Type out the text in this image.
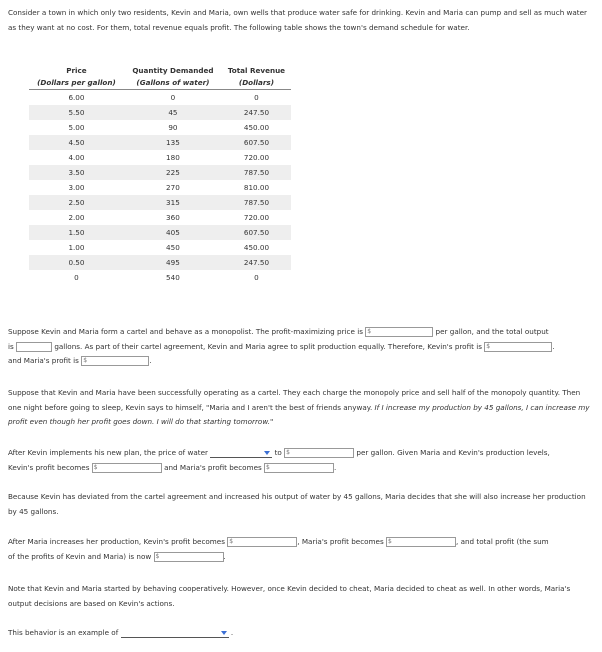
Consider a town in which only two residents, Kevin and Maria, own wells that produce water safe for drinking. Kevin and Maria can pump and sell as much water as they want at no cost. For them, total revenue equals profit. The following table shows the town's demand schedule for water.
Price	Quantity Demanded	Total Revenue
(Dollars per gallon)	(Gallons of water)	(Dollars)
6.00	0	0
5.50	45	247.50
5.00	90	450.00
4.50	135	607.50
4.00	180	720.00
3.50	225	787.50
3.00	270	810.00
2.50	315	787.50
2.00	360	720.00
1.50	405	607.50
1.00	450	450.00
0.50	495	247.50
0	540	0
Suppose Kevin and Maria form a cartel and behave as a monopolist. The profit-maximizing price is $	per gallon, and the total output
is	gallons. As part of their cartel agreement, Kevin and Maria agree to split production equally. Therefore, Kevin's profit is $	.
and Maria's profit is $	.
Suppose that Kevin and Maria have been successfully operating as a cartel. They each charge the monopoly price and sell half of the monopoly quantity. Then one night before going to sleep, Kevin says to himself, "Maria and I aren't the best of friends anyway. If I increase my production by 45 gallons, I can increase my profit even though her profit goes down. I will do that starting tomorrow."
After Kevin implements his new plan, the price of water	to $	per gallon. Given Maria and Kevin's production levels,
Kevin's profit becomes $	and Maria's profit becomes $	.
Because Kevin has deviated from the cartel agreement and increased his output of water by 45 gallons, Maria decides that she will also increase her production by 45 gallons.
After Maria increases her production, Kevin's profit becomes $	, Maria's profit becomes $	, and total profit (the sum
of the profits of Kevin and Maria) is now $	.
Note that Kevin and Maria started by behaving cooperatively. However, once Kevin decided to cheat, Maria decided to cheat as well. In other words, Maria's output decisions are based on Kevin's actions.
This behavior is an example of	.
